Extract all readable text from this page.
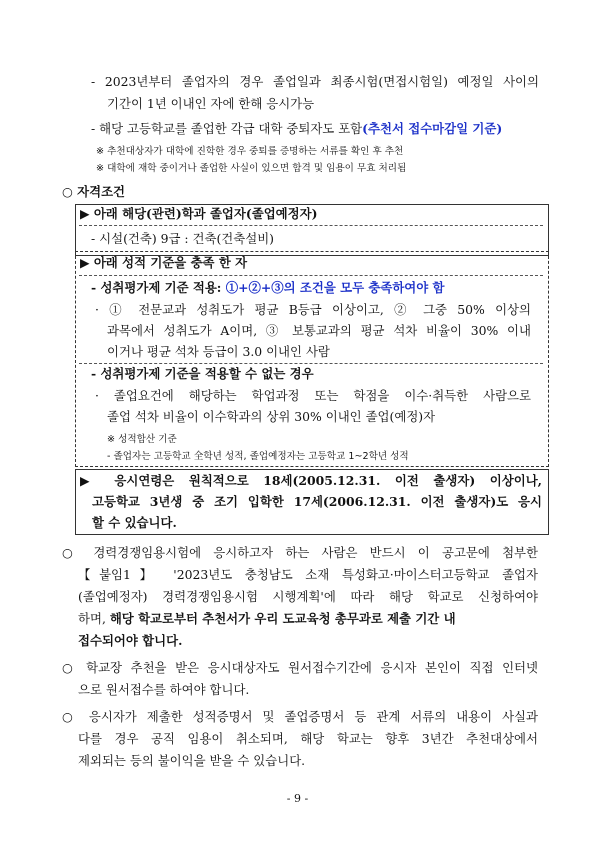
- 2023년부터 졸업자의 경우 졸업일과 최종시험(면접시험일) 예정일 사이의
기간이 1년 이내인 자에 한해 응시가능
- 해당 고등학교를 졸업한 각급 대학 중퇴자도 포함(추천서 접수마감일 기준)
※ 추천대상자가 대학에 진학한 경우 중퇴를 증명하는 서류를 확인 후 추천
※ 대학에 재학 중이거나 졸업한 사실이 있으면 합격 및 임용이 무효 처리됨
○ 자격조건
▶ 아래 해당(관련)학과 졸업자(졸업예정자)
- 시설(건축) 9급 : 건축(건축설비)
▶ 아래 성적 기준을 충족 한 자
- 성취평가제 기준 적용: ①+②+③의 조건을 모두 충족하여야 함
· ① 전문교과 성취도가 평균 B등급 이상이고, ② 그중 50% 이상의
과목에서 성취도가 A이며, ③ 보통교과의 평균 석차 비율이 30% 이내
이거나 평균 석차 등급이 3.0 이내인 사람
- 성취평가제 기준을 적용할 수 없는 경우
· 졸업요건에 해당하는 학업과정 또는 학점을 이수·취득한 사람으로
졸업 석차 비율이 이수학과의 상위 30% 이내인 졸업(예정)자
※ 성적합산 기준
- 졸업자는 고등학교 全학년 성적, 졸업예정자는 고등학교 1~2학년 성적
▶ 응시연령은 원칙적으로 18세(2005.12.31. 이전 출생자) 이상이나,
고등학교 3년생 중 조기 입학한 17세(2006.12.31. 이전 출생자)도 응시
할 수 있습니다.
○ 경력경쟁임용시험에 응시하고자 하는 사람은 반드시 이 공고문에 첨부한
【붙임1】 '2023년도 충청남도 소재 특성화고·마이스터고등학교 졸업자
(졸업예정자) 경력경쟁임용시험 시행계획'에 따라 해당 학교로 신청하여야
하며, 해당 학교로부터 추천서가 우리 도교육청 총무과로 제출 기간 내
접수되어야 합니다.
○ 학교장 추천을 받은 응시대상자도 원서접수기간에 응시자 본인이 직접 인터넷
으로 원서접수를 하여야 합니다.
○ 응시자가 제출한 성적증명서 및 졸업증명서 등 관계 서류의 내용이 사실과
다를 경우 공직 임용이 취소되며, 해당 학교는 향후 3년간 추천대상에서
제외되는 등의 불이익을 받을 수 있습니다.
- 9 -
